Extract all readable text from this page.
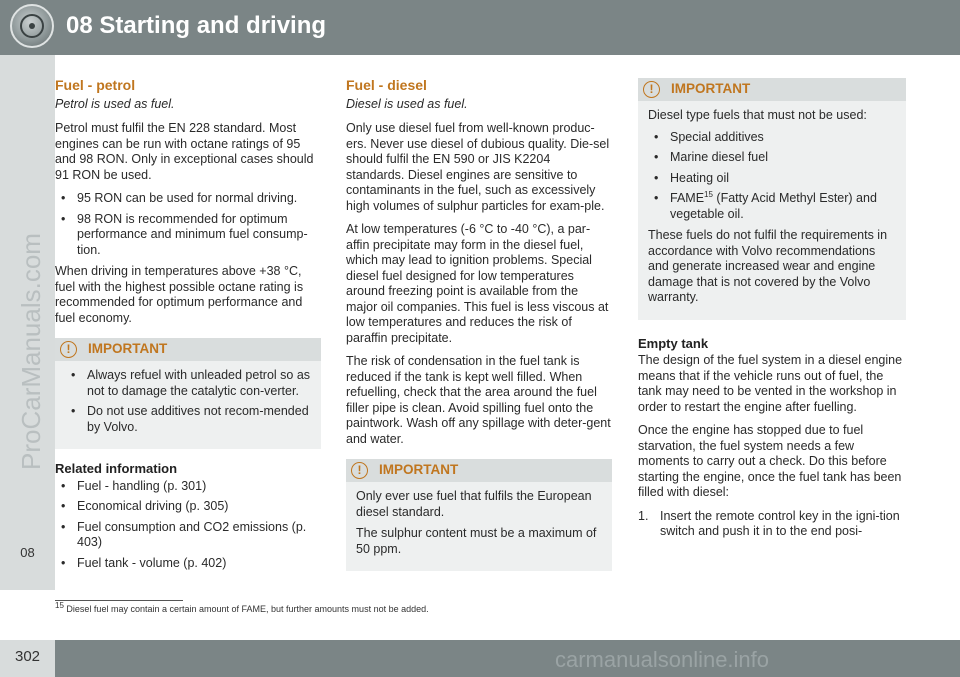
08 Starting and driving
ProCarManuals.com
08
Fuel - petrol
Petrol is used as fuel.

Petrol must fulfil the EN 228 standard. Most engines can be run with octane ratings of 95 and 98 RON. Only in exceptional cases should 91 RON be used.

• 95 RON can be used for normal driving.
• 98 RON is recommended for optimum performance and minimum fuel consump-tion.

When driving in temperatures above +38 °C, fuel with the highest possible octane rating is recommended for optimum performance and fuel economy.

!	IMPORTANT
• Always refuel with unleaded petrol so as not to damage the catalytic con-verter.
• Do not use additives not recom-mended by Volvo.
Related information
• Fuel - handling (p. 301)
• Economical driving (p. 305)
• Fuel consumption and CO2 emissions (p. 403)
• Fuel tank - volume (p. 402)
Fuel - diesel
Diesel is used as fuel.

Only use diesel fuel from well-known produc-ers. Never use diesel of dubious quality. Die-sel should fulfil the EN 590 or JIS K2204 standards. Diesel engines are sensitive to contaminants in the fuel, such as excessively high volumes of sulphur particles for exam-ple.

At low temperatures (-6 °C to -40 °C), a par-affin precipitate may form in the diesel fuel, which may lead to ignition problems. Special diesel fuel designed for low temperatures around freezing point is available from the major oil companies. This fuel is less viscous at low temperatures and reduces the risk of paraffin precipitate.

The risk of condensation in the fuel tank is reduced if the tank is kept well filled. When refuelling, check that the area around the fuel filler pipe is clean. Avoid spilling fuel onto the paintwork. Wash off any spillage with deter-gent and water.

!	IMPORTANT

Only ever use fuel that fulfils the European diesel standard.

The sulphur content must be a maximum of 50 ppm.

!	IMPORTANT

Diesel type fuels that must not be used:

• Special additives
• Marine diesel fuel
• Heating oil
• FAME$^{15}$ (Fatty Acid Methyl Ester) and vegetable oil.

These fuels do not fulfil the requirements in accordance with Volvo recommendations and generate increased wear and engine damage that is not covered by the Volvo warranty.

Empty tank

The design of the fuel system in a diesel engine means that if the vehicle runs out of fuel, the tank may need to be vented in the workshop in order to restart the engine after fuelling.

Once the engine has stopped due to fuel starvation, the fuel system needs a few moments to carry out a check. Do this before starting the engine, once the fuel tank has been filled with diesel:

1. Insert the remote control key in the igni-tion switch and push it in to the end posi-
$^{15}$ Diesel fuel may contain a certain amount of FAME, but further amounts must not be added.
302	carmanualsonline.info
